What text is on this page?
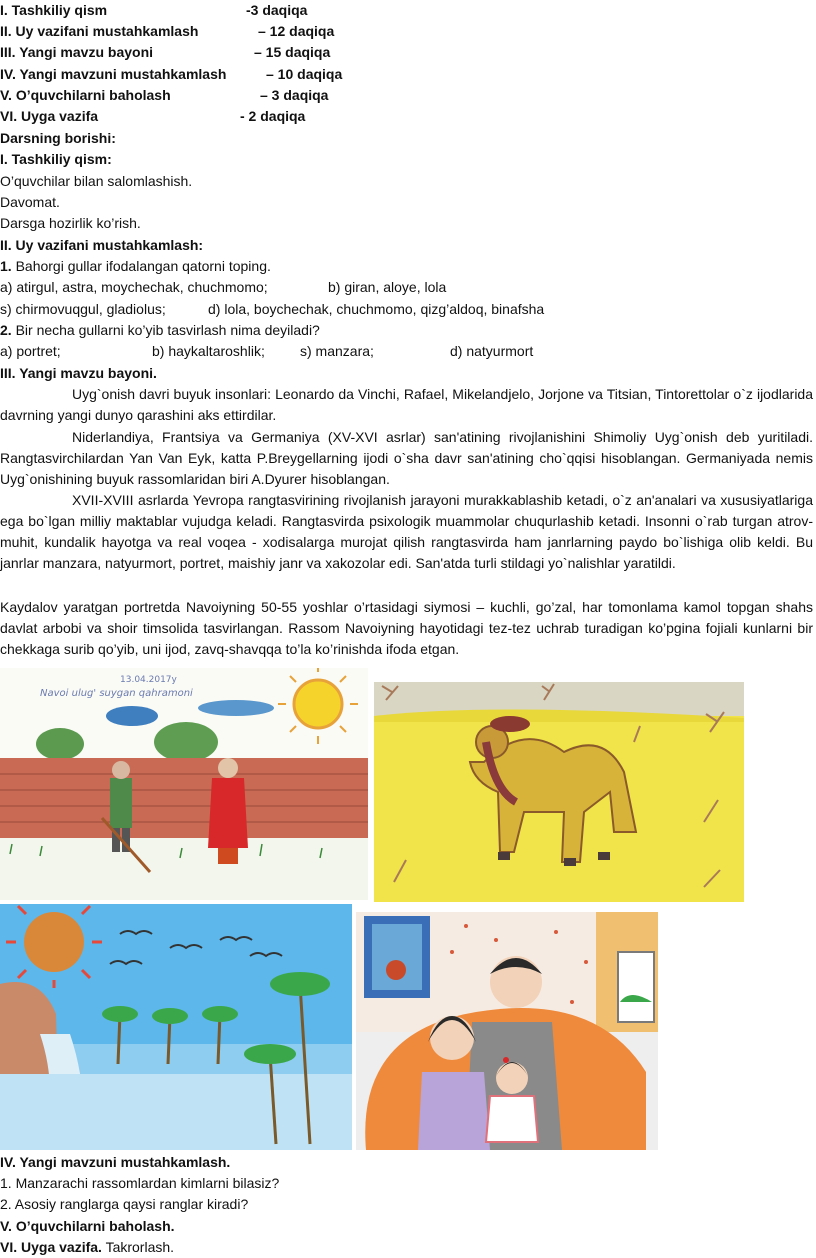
I. Tashkiliy qism	-3 daqiqa
II. Uy vazifani mustahkamlash	– 12 daqiqa
III. Yangi mavzu bayoni	– 15 daqiqa
IV. Yangi mavzuni mustahkamlash	– 10 daqiqa
V. O’quvchilarni baholash	– 3 daqiqa
VI. Uyga vazifa	- 2 daqiqa
Darsning borishi:
I. Tashkiliy qism:
O’quvchilar bilan salomlashish.
Davomat.
Darsga hozirlik ko’rish.
II. Uy vazifani mustahkamlash:
1. Bahorgi gullar ifodalangan qatorni toping.
a) atirgul, astra, moychechak, chuchmomo;	b) giran, aloye, lola
s) chirmovuqgul, gladiolus;	d) lola, boychechak, chuchmomo, qizg’aldoq, binafsha
2. Bir necha gullarni ko’yib tasvirlash nima deyiladi?
a) portret;	b) haykaltaroshlik;	s) manzara;	d) natyurmort
III. Yangi mavzu bayoni.
Uyg`onish davri buyuk insonlari: Leonardo da Vinchi, Rafael, Mikelandjelo, Jorjone va Titsian, Tintorettolar o`z ijodlarida davrning yangi dunyo qarashini aks ettirdilar.
Niderlandiya, Frantsiya va Germaniya (XV-XVI asrlar) san'atining rivojlanishini Shimoliy Uyg`onish deb yuritiladi. Rangtasvirchilardan Yan Van Eyk, katta P.Breygellarning ijodi o`sha davr san'atining cho`qqisi hisoblangan. Germaniyada nemis Uyg`onishining buyuk rassomlaridan biri A.Dyurer hisoblangan.
XVII-XVIII asrlarda Yevropa rangtasvirining rivojlanish jarayoni murakkablashib ketadi, o`z an'analari va xususiyatlariga ega bo`lgan milliy maktablar vujudga keladi. Rangtasvirda psixologik muammolar chuqurlashib ketadi. Insonni o`rab turgan atrov-muhit, kundalik hayotga va real voqea - xodisalarga murojat qilish rangtasvirda ham janrlarning paydo bo`lishiga olib keldi. Bu janrlar manzara, natyurmort, portret, maishiy janr va xakozolar edi. San'atda turli stildagi yo`nalishlar yaratildi.
Kaydalov yaratgan portretda Navoiyning 50-55 yoshlar o’rtasidagi siymosi – kuchli, go’zal, har tomonlama kamol topgan shahs davlat arbobi va shoir timsolida tasvirlangan. Rassom Navoiyning hayotidagi tez-tez uchrab turadigan ko’pgina fojiali kunlarni bir chekkaga surib qo’yib, uni ijod, zavq-shavqqa to’la ko’rinishda ifoda etgan.
13.04.2017y
Navoi ulug' suygan qahramoni
IV. Yangi mavzuni mustahkamlash.
1. Manzarachi rassomlardan kimlarni bilasiz?
2. Asosiy ranglarga qaysi ranglar kiradi?
V. O’quvchilarni baholash.
VI. Uyga vazifa. Takrorlash.
